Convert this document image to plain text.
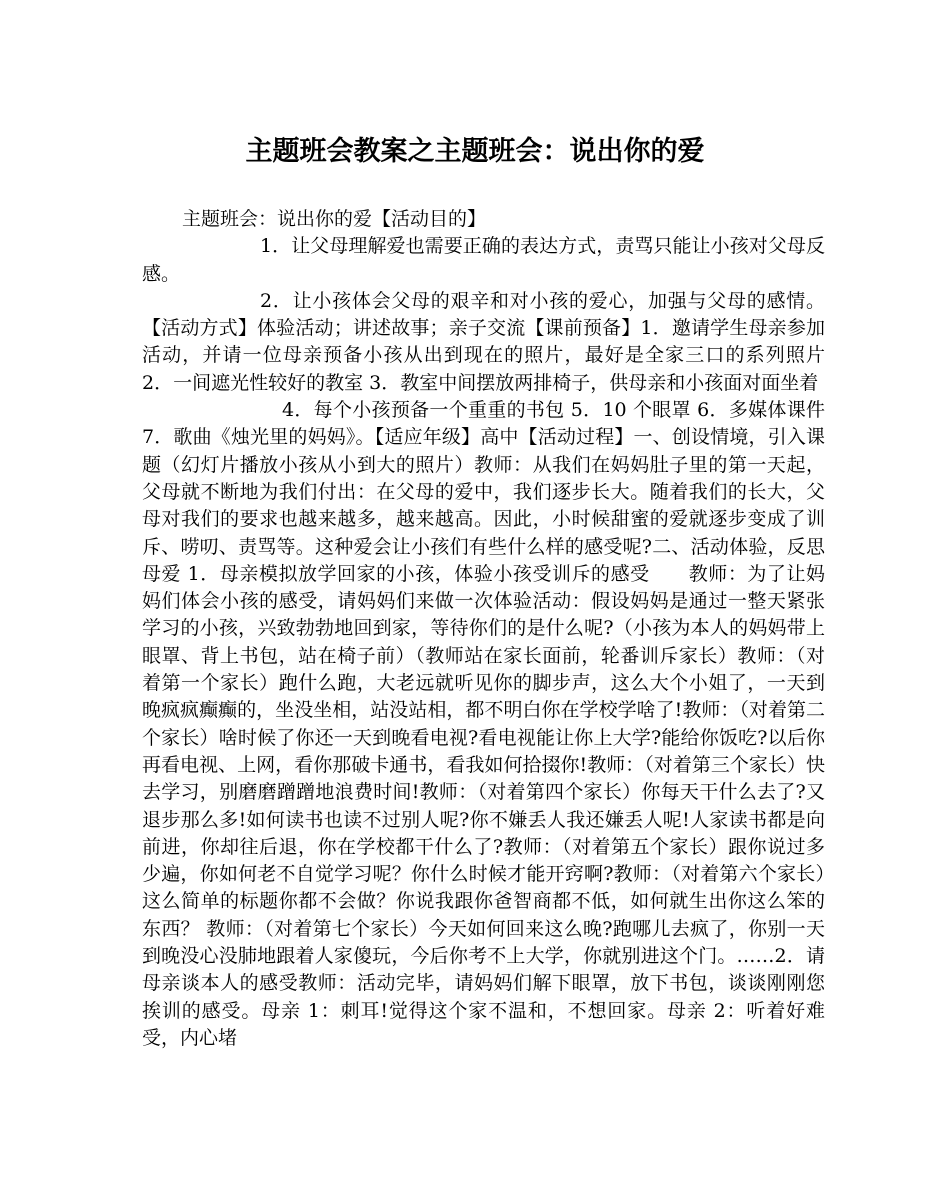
主题班会教案之主题班会：说出你的爱

主题班会：说出你的爱【活动目的】

1．让父母理解爱也需要正确的表达方式，责骂只能让小孩对父母反感。

2．让小孩体会父母的艰辛和对小孩的爱心，加强与父母的感情。 【活动方式】体验活动；讲述故事；亲子交流【课前预备】1．邀请学生母亲参加活动，并请一位母亲预备小孩从出到现在的照片，最好是全家三口的系列照片 2．一间遮光性较好的教室 3．教室中间摆放两排椅子，供母亲和小孩面对面坐着

4．每个小孩预备一个重重的书包 5．10 个眼罩 6．多媒体课件 7．歌曲《烛光里的妈妈》。【适应年级】高中【活动过程】一、创设情境，引入课题（幻灯片播放小孩从小到大的照片）教师：从我们在妈妈肚子里的第一天起，父母就不断地为我们付出：在父母的爱中，我们逐步长大。随着我们的长大，父母对我们的要求也越来越多，越来越高。因此，小时候甜蜜的爱就逐步变成了训斥、唠叨、责骂等。这种爱会让小孩们有些什么样的感受呢?二、活动体验，反思母爱 1．母亲模拟放学回家的小孩，体验小孩受训斥的感受　　教师：为了让妈妈们体会小孩的感受，请妈妈们来做一次体验活动：假设妈妈是通过一整天紧张学习的小孩，兴致勃勃地回到家，等待你们的是什么呢?（小孩为本人的妈妈带上眼罩、背上书包，站在椅子前）（教师站在家长面前，轮番训斥家长）教师：（对着第一个家长）跑什么跑，大老远就听见你的脚步声，这么大个小姐了，一天到晚疯疯癫癫的，坐没坐相，站没站相，都不明白你在学校学啥了!教师：（对着第二个家长）啥时候了你还一天到晚看电视?看电视能让你上大学?能给你饭吃?以后你再看电视、上网，看你那破卡通书，看我如何拾掇你!教师：（对着第三个家长）快去学习，别磨磨蹭蹭地浪费时间!教师：（对着第四个家长）你每天干什么去了?又退步那么多!如何读书也读不过别人呢?你不嫌丢人我还嫌丢人呢!人家读书都是向前进，你却往后退，你在学校都干什么了?教师：（对着第五个家长）跟你说过多少遍，你如何老不自觉学习呢？你什么时候才能开窍啊?教师：（对着第六个家长）这么简单的标题你都不会做？你说我跟你爸智商都不低，如何就生出你这么笨的东西？ 教师：（对着第七个家长）今天如何回来这么晚?跑哪儿去疯了，你别一天到晚没心没肺地跟着人家傻玩，今后你考不上大学，你就别进这个门。……2．请母亲谈本人的感受教师：活动完毕，请妈妈们解下眼罩，放下书包，谈谈刚刚您挨训的感受。母亲 1：刺耳!觉得这个家不温和，不想回家。母亲 2：听着好难受，内心堵
